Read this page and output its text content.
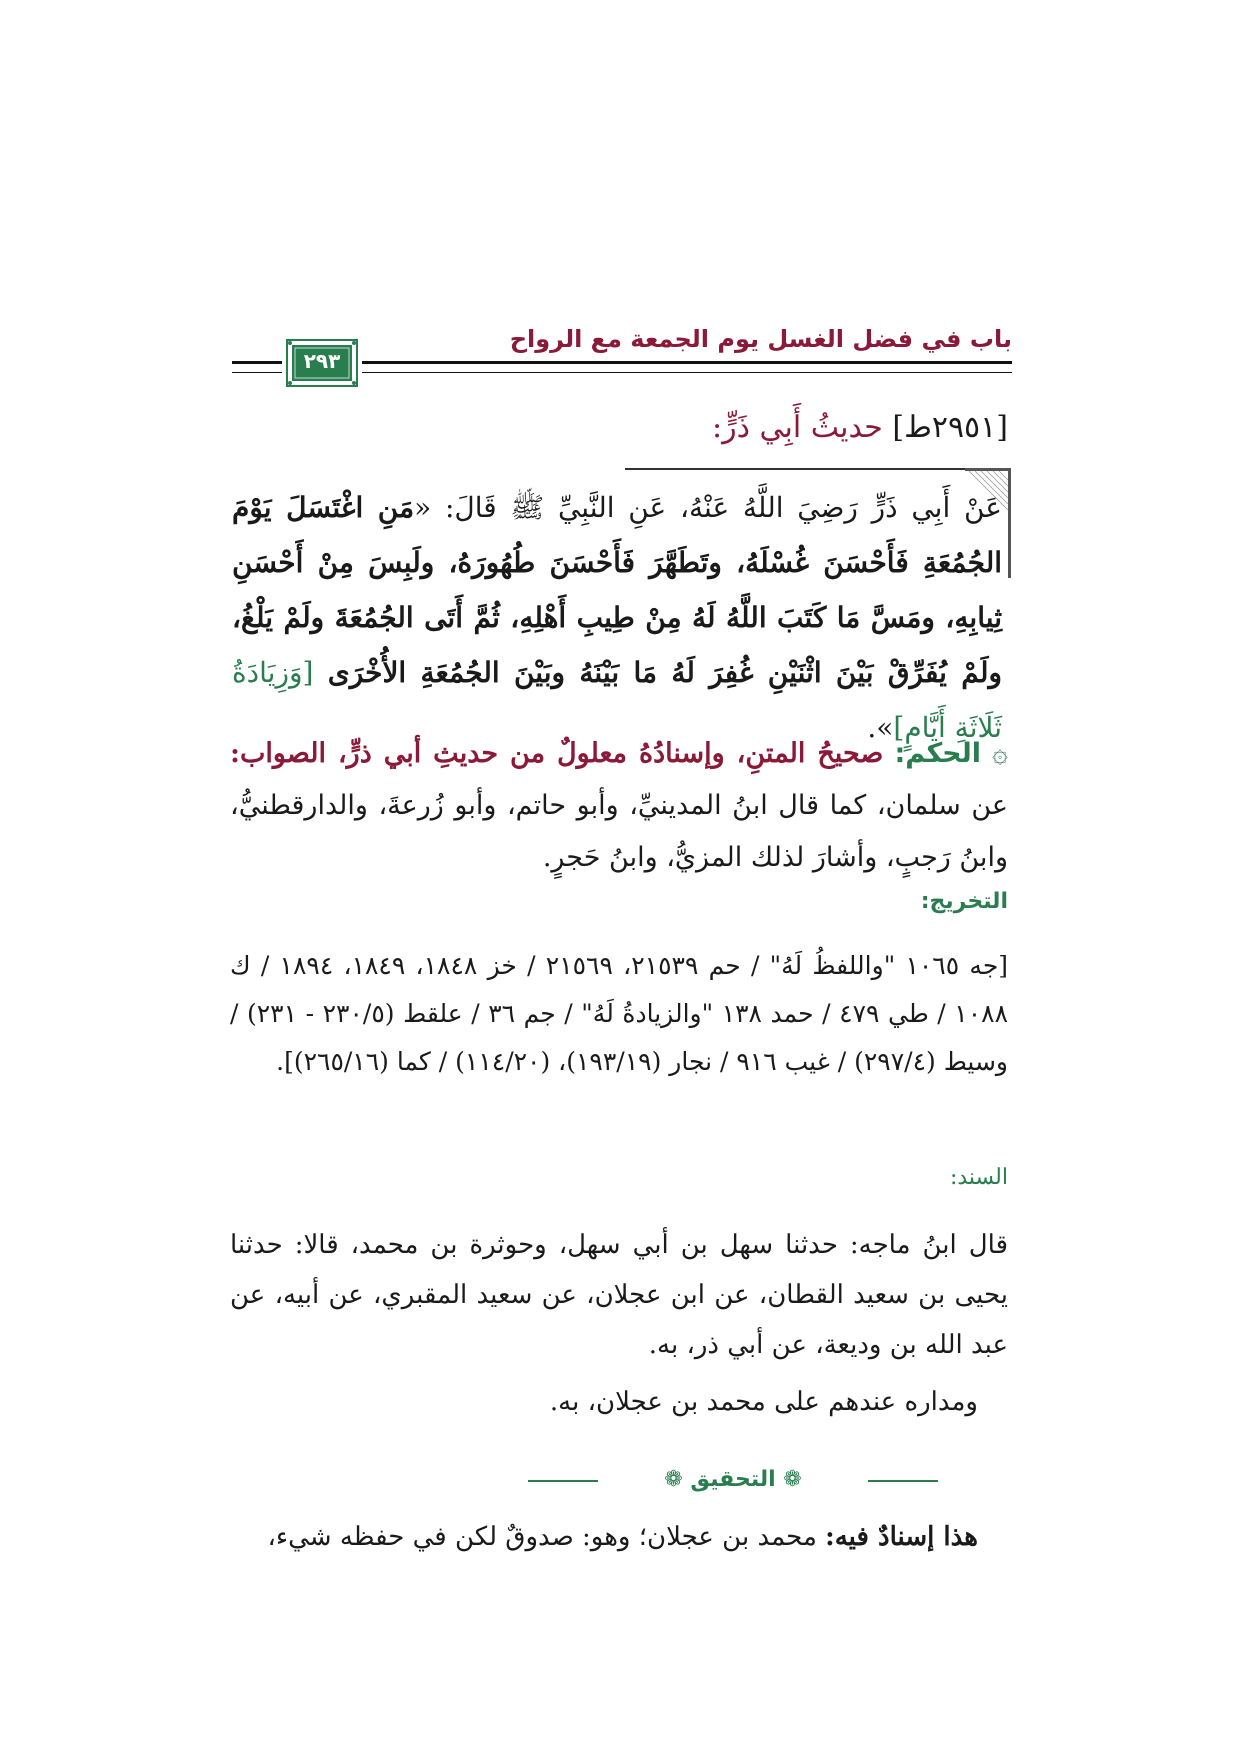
باب في فضل الغسل يوم الجمعة مع الرواح
٢٩٣
[٢٩٥١ط] حديثُ أَبِي ذَرٍّ:
عَنْ أَبِي ذَرٍّ رَضِيَ اللَّهُ عَنْهُ، عَنِ النَّبِيِّ ﷺ قَالَ: «مَنِ اغْتَسَلَ يَوْمَ الجُمُعَةِ فَأَحْسَنَ غُسْلَهُ، وتَطَهَّرَ فَأَحْسَنَ طُهُورَهُ، ولَبِسَ مِنْ أَحْسَنِ ثِيابِهِ، ومَسَّ مَا كَتَبَ اللَّهُ لَهُ مِنْ طِيبِ أَهْلِهِ، ثُمَّ أَتَى الجُمُعَةَ ولَمْ يَلْغُ، ولَمْ يُفَرِّقْ بَيْنَ اثْنَيْنِ غُفِرَ لَهُ مَا بَيْنَهُ وبَيْنَ الجُمُعَةِ الأُخْرَى [وَزِيَادَةُ ثَلَاثَةِ أَيَّامٍ]».
۞ الحكم: صحيحُ المتنِ، وإسنادُهُ معلولٌ من حديثِ أبي ذرٍّ، الصواب: عن سلمان، كما قال ابنُ المدينيِّ، وأبو حاتم، وأبو زُرعةَ، والدارقطنيُّ، وابنُ رَجبٍ، وأشارَ لذلك المزيُّ، وابنُ حَجرٍ.
التخريج:
[جه ١٠٦٥ "واللفظُ لَهُ" / حم ٢١٥٣٩، ٢١٥٦٩ / خز ١٨٤٨، ١٨٤٩، ١٨٩٤ / ك ١٠٨٨ / طي ٤٧٩ / حمد ١٣٨ "والزيادةُ لَهُ" / جم ٣٦ / علقط (٢٣٠/٥ - ٢٣١) / وسيط (٢٩٧/٤) / غيب ٩١٦ / نجار (١٩٣/١٩)، (١١٤/٢٠) / كما (٢٦٥/١٦)].
السند:
قال ابنُ ماجه: حدثنا سهل بن أبي سهل، وحوثرة بن محمد، قالا: حدثنا يحيى بن سعيد القطان، عن ابن عجلان، عن سعيد المقبري، عن أبيه، عن عبد الله بن وديعة، عن أبي ذر، به.
ومداره عندهم على محمد بن عجلان، به.
❁ التحقيق ❁
هذا إسنادٌ فيه: محمد بن عجلان؛ وهو: صدوقٌ لكن في حفظه شيء،
